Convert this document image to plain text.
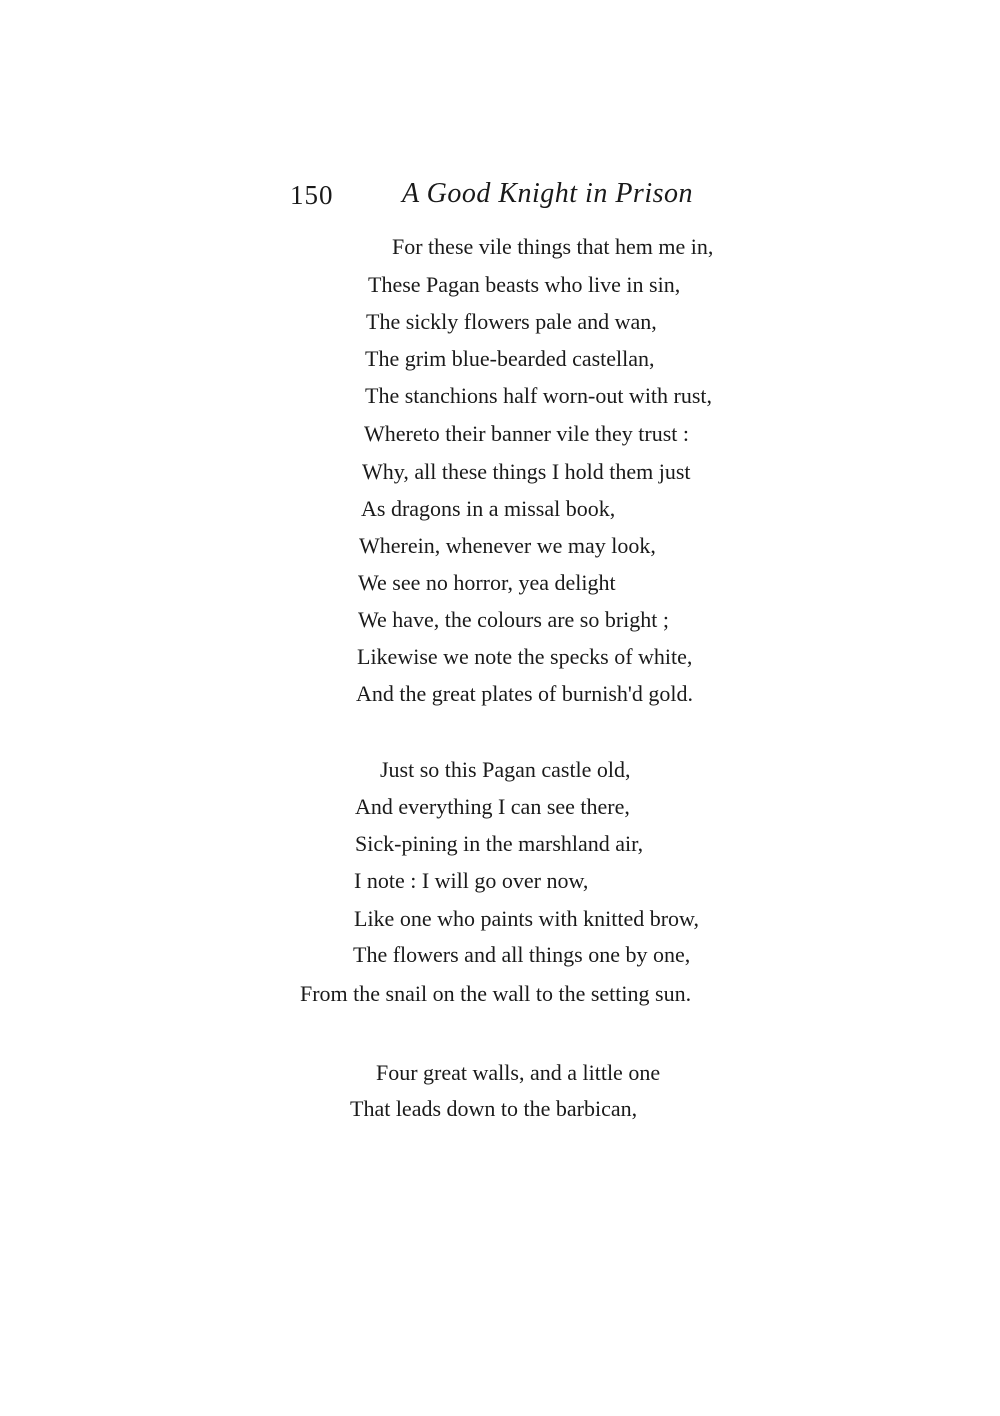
150 A Good Knight in Prison
For these vile things that hem me in,
These Pagan beasts who live in sin,
The sickly flowers pale and wan,
The grim blue-bearded castellan,
The stanchions half worn-out with rust,
Whereto their banner vile they trust :
Why, all these things I hold them just
As dragons in a missal book,
Wherein, whenever we may look,
We see no horror, yea delight
We have, the colours are so bright ;
Likewise we note the specks of white,
And the great plates of burnish'd gold.
Just so this Pagan castle old,
And everything I can see there,
Sick-pining in the marshland air,
I note : I will go over now,
Like one who paints with knitted brow,
The flowers and all things one by one,
From the snail on the wall to the setting sun.
Four great walls, and a little one
That leads down to the barbican,
